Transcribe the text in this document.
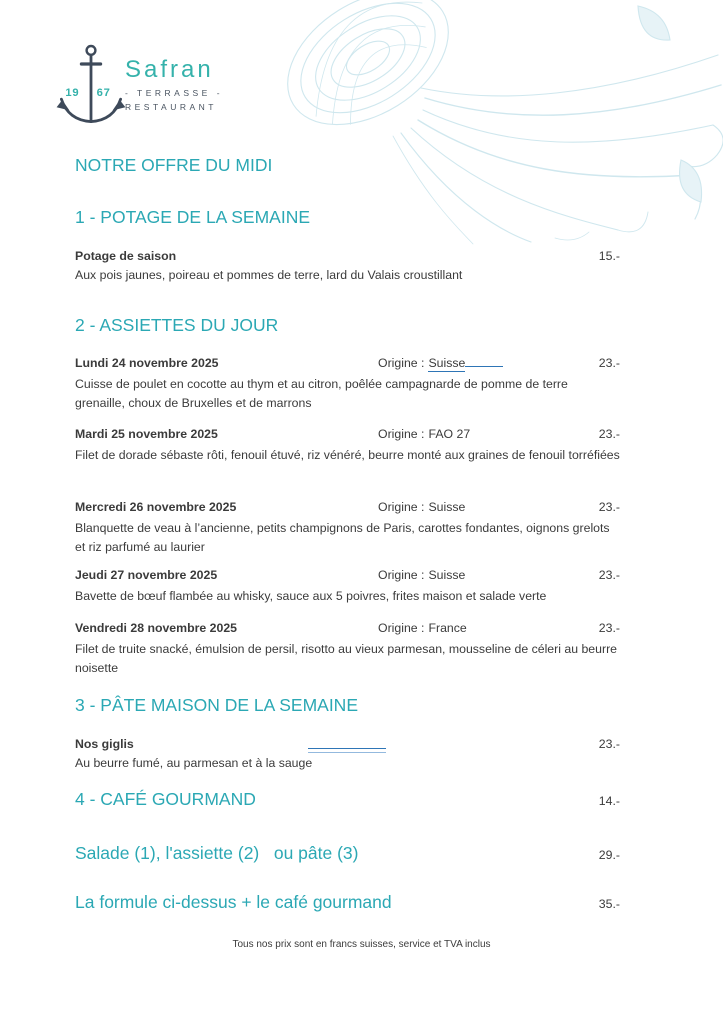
19 67
Safran
- TERRASSE -
RESTAURANT
NOTRE OFFRE DU MIDI
1 - POTAGE DE LA SEMAINE
Potage de saison	15.-
Aux pois jaunes, poireau et pommes de terre, lard du Valais croustillant
2 - ASSIETTES DU JOUR
Lundi 24 novembre 2025	Origine : Suisse	23.-
Cuisse de poulet en cocotte au thym et au citron, poêlée campagnarde de pomme de terre grenaille, choux de Bruxelles et de marrons
Mardi 25 novembre 2025	Origine : FAO 27	23.-
Filet de dorade sébaste rôti, fenouil étuvé, riz vénéré, beurre monté aux graines de fenouil torréfiées
Mercredi 26 novembre 2025	Origine : Suisse	23.-
Blanquette de veau à l’ancienne, petits champignons de Paris, carottes fondantes, oignons grelots et riz parfumé au laurier
Jeudi 27 novembre 2025	Origine : Suisse	23.-
Bavette de bœuf flambée au whisky, sauce aux 5 poivres, frites maison et salade verte
Vendredi 28 novembre 2025	Origine : France	23.-
Filet de truite snacké, émulsion de persil, risotto au vieux parmesan, mousseline de céleri au beurre noisette
3 - PÂTE MAISON DE LA SEMAINE
Nos giglis	23.-
Au beurre fumé, au parmesan et à la sauge
4 - CAFÉ GOURMAND	14.-
Salade (1), l'assiette (2)   ou pâte (3)	29.-
La formule ci-dessus + le café gourmand	35.-
Tous nos prix sont en francs suisses, service et TVA inclus
